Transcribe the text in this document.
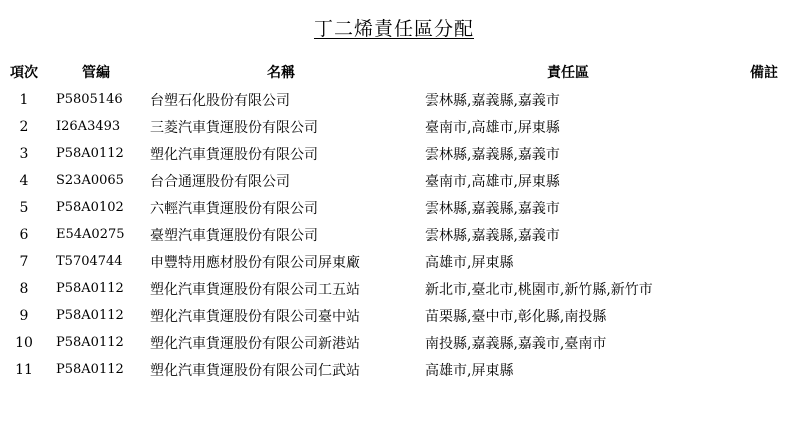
丁二烯責任區分配
項次	管編	名稱	責任區	備註
1	P5805146	台塑石化股份有限公司	雲林縣,嘉義縣,嘉義市	
2	I26A3493	三菱汽車貨運股份有限公司	臺南市,高雄市,屏東縣	
3	P58A0112	塑化汽車貨運股份有限公司	雲林縣,嘉義縣,嘉義市	
4	S23A0065	台合通運股份有限公司	臺南市,高雄市,屏東縣	
5	P58A0102	六輕汽車貨運股份有限公司	雲林縣,嘉義縣,嘉義市	
6	E54A0275	臺塑汽車貨運股份有限公司	雲林縣,嘉義縣,嘉義市	
7	T5704744	申豐特用應材股份有限公司屏東廠	高雄市,屏東縣	
8	P58A0112	塑化汽車貨運股份有限公司工五站	新北市,臺北市,桃園市,新竹縣,新竹市	
9	P58A0112	塑化汽車貨運股份有限公司臺中站	苗栗縣,臺中市,彰化縣,南投縣	
10	P58A0112	塑化汽車貨運股份有限公司新港站	南投縣,嘉義縣,嘉義市,臺南市	
11	P58A0112	塑化汽車貨運股份有限公司仁武站	高雄市,屏東縣	
